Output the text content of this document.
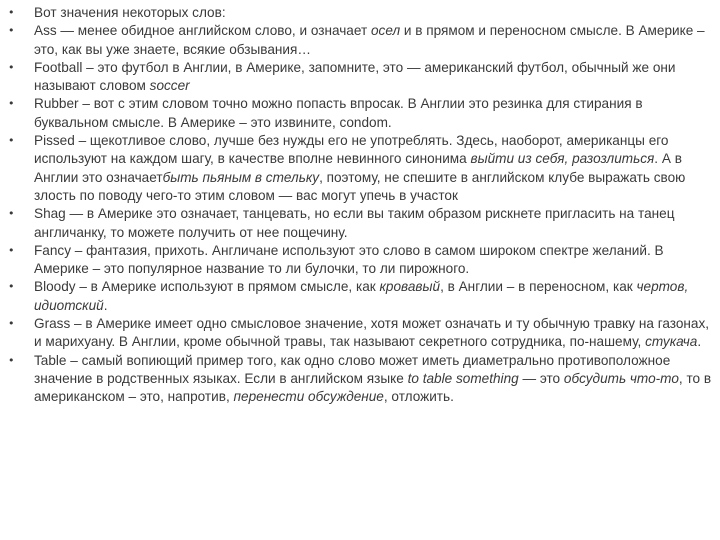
•	Вот значения некоторых слов:
•	Ass — менее обидное английском слово, и означает осел и в прямом и переносном смысле. В Америке – это, как вы уже знаете, всякие обзывания…
•	Football – это футбол в Англии, в Америке, запомните, это — американский футбол, обычный же они называют словом soccer
•	Rubber – вот с этим словом точно можно попасть впросак. В Англии это резинка для стирания в буквальном смысле. В Америке – это извините, condom.
•	Pissed – щекотливое слово, лучше без нужды его не употреблять. Здесь, наоборот, американцы его используют на каждом шагу, в качестве вполне невинного синонима выйти из себя, разозлиться. А в Англии это означаетбыть пьяным в стельку, поэтому, не спешите в английском клубе выражать свою злость по поводу чего-то этим словом — вас могут упечь в участок
•	Shag — в Америке это означает, танцевать, но если вы таким образом рискнете пригласить на танец англичанку, то можете получить от нее пощечину.
•	Fancy – фантазия, прихоть. Англичане используют это слово в самом широком спектре желаний. В Америке – это популярное название то ли булочки, то ли пирожного.
•	Bloody – в Америке используют в прямом смысле, как кровавый, в Англии – в переносном, как чертов, идиотский.
•	Grass – в Америке имеет одно смысловое значение, хотя может означать и ту обычную травку на газонах, и марихуану. В Англии, кроме обычной травы, так называют секретного сотрудника, по-нашему, стукача.
•	Table – самый вопиющий пример того, как одно слово может иметь диаметрально противоположное значение в родственных языках. Если в английском языке to table something — это обсудить что-то, то в американском – это, напротив, перенести обсуждение, отложить.
